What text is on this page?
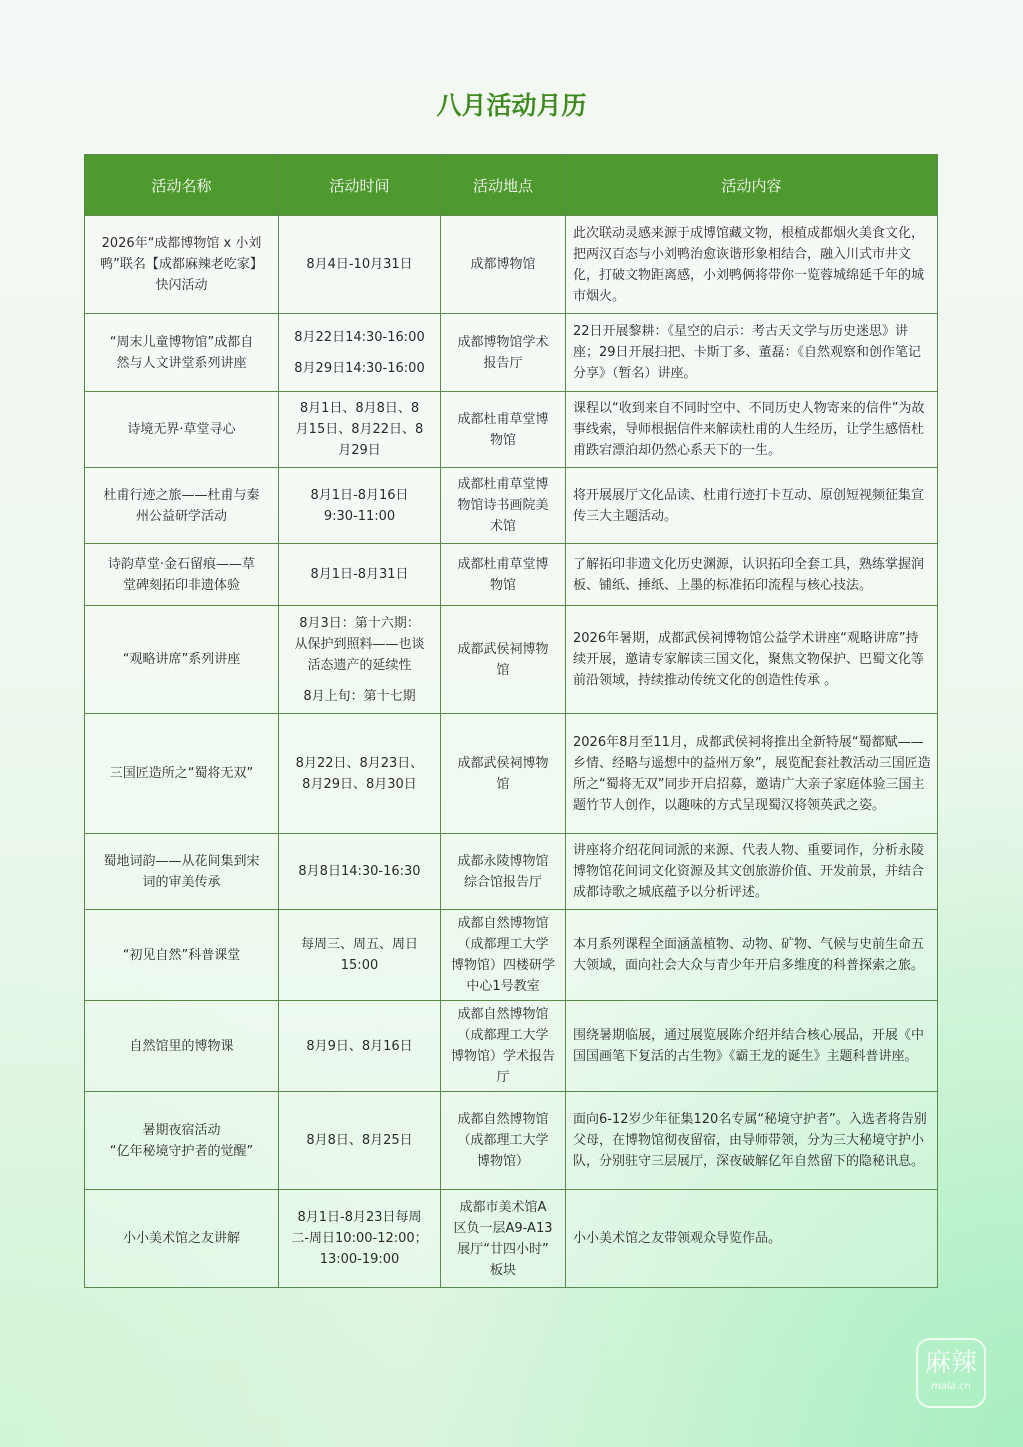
八月活动月历
活动名称	活动时间	活动地点	活动内容

2026年“成都博物馆 x 小刘
鸭”联名【成都麻辣老吃家】
快闪活动	8月4日-10月31日	成都博物馆	此次联动灵感来源于成博馆藏文物，根植成都烟火美食文化，把两汉百态与小刘鸭治愈诙谐形象相结合，融入川式市井文化，打破文物距离感，小刘鸭俩将带你一览蓉城绵延千年的城市烟火。

“周末儿童博物馆”成都自
然与人文讲堂系列讲座	8月22日14:30-16:00
8月29日14:30-16:00	成都博物馆学术
报告厅	22日开展黎耕：《星空的启示：考古天文学与历史迷思》讲座；29日开展扫把、卡斯丁多、董磊：《自然观察和创作笔记分享》（暂名）讲座。

诗境无界·草堂寻心	8月1日、8月8日、8
月15日、8月22日、8
月29日	成都杜甫草堂博
物馆	课程以“收到来自不同时空中、不同历史人物寄来的信件”为故事线索，导师根据信件来解读杜甫的人生经历，让学生感悟杜甫跌宕漂泊却仍然心系天下的一生。

杜甫行迹之旅——杜甫与秦
州公益研学活动	8月1日-8月16日
9:30-11:00	成都杜甫草堂博
物馆诗书画院美
术馆	将开展展厅文化品读、杜甫行迹打卡互动、原创短视频征集宣传三大主题活动。

诗韵草堂·金石留痕——草
堂碑刻拓印非遗体验	8月1日-8月31日	成都杜甫草堂博
物馆	了解拓印非遗文化历史渊源，认识拓印全套工具，熟练掌握润板、铺纸、捶纸、上墨的标准拓印流程与核心技法。

“观略讲席”系列讲座	8月3日：第十六期：
从保护到照料——也谈
活态遗产的延续性
8月上旬：第十七期	成都武侯祠博物
馆	2026年暑期，成都武侯祠博物馆公益学术讲座“观略讲席”持续开展，邀请专家解读三国文化，聚焦文物保护、巴蜀文化等前沿领域，持续推动传统文化的创造性传承 。

三国匠造所之“蜀将无双”	8月22日、8月23日、
8月29日、8月30日	成都武侯祠博物
馆	2026年8月至11月，成都武侯祠将推出全新特展“蜀都赋——乡情、经略与遥想中的益州万象”，展览配套社教活动三国匠造所之“蜀将无双”同步开启招募，邀请广大亲子家庭体验三国主题竹节人创作，以趣味的方式呈现蜀汉将领英武之姿。

蜀地词韵——从花间集到宋
词的审美传承	8月8日14:30-16:30	成都永陵博物馆
综合馆报告厅	讲座将介绍花间词派的来源、代表人物、重要词作，分析永陵博物馆花间词文化资源及其文创旅游价值、开发前景，并结合成都诗歌之城底蕴予以分析评述。

“初见自然”科普课堂	每周三、周五、周日
15:00	成都自然博物馆
（成都理工大学
博物馆）四楼研学
中心1号教室	本月系列课程全面涵盖植物、动物、矿物、气候与史前生命五大领域，面向社会大众与青少年开启多维度的科普探索之旅。

自然馆里的博物课	8月9日、8月16日	成都自然博物馆
（成都理工大学
博物馆）学术报告
厅	围绕暑期临展，通过展览展陈介绍并结合核心展品，开展《中国国画笔下复活的古生物》《霸王龙的诞生》主题科普讲座。

暑期夜宿活动
“亿年秘境守护者的觉醒”	8月8日、8月25日	成都自然博物馆
（成都理工大学
博物馆）	面向6-12岁少年征集120名专属“秘境守护者”。入选者将告别父母，在博物馆彻夜留宿，由导师带领，分为三大秘境守护小队，分别驻守三层展厅，深夜破解亿年自然留下的隐秘讯息。

小小美术馆之友讲解	8月1日-8月23日每周
二-周日10:00-12:00；
13:00-19:00	成都市美术馆A
区负一层A9-A13
展厅“廿四小时”
板块	小小美术馆之友带领观众导览作品。
麻辣
mala.cn
